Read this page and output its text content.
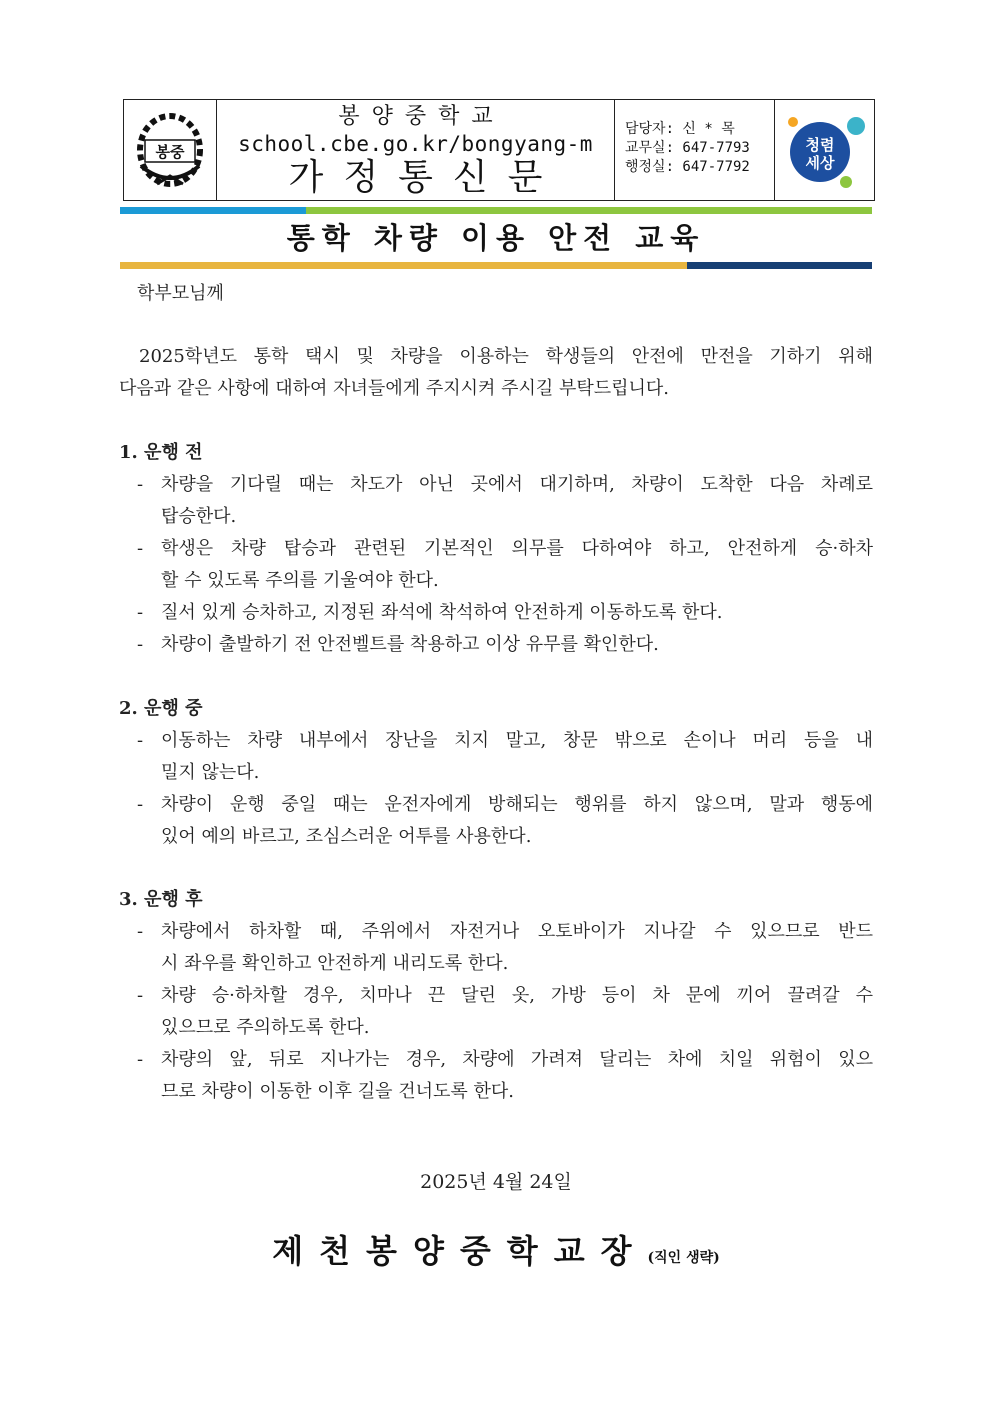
봉중
봉양중학교
school.cbe.go.kr/bongyang-m
가정통신문
담당자: 신 * 목
교무실: 647-7793
행정실: 647-7792
청렴
세상
통학 차량 이용 안전 교육
학부모님께
2025학년도 통학 택시 및 차량을 이용하는 학생들의 안전에 만전을 기하기 위해
다음과 같은 사항에 대하여 자녀들에게 주지시켜 주시길 부탁드립니다.
1. 운행 전
- 차량을 기다릴 때는 차도가 아닌 곳에서 대기하며, 차량이 도착한 다음 차례로
탑승한다.
- 학생은 차량 탑승과 관련된 기본적인 의무를 다하여야 하고, 안전하게 승·하차
할 수 있도록 주의를 기울여야 한다.
- 질서 있게 승차하고, 지정된 좌석에 착석하여 안전하게 이동하도록 한다.
- 차량이 출발하기 전 안전벨트를 착용하고 이상 유무를 확인한다.
2. 운행 중
- 이동하는 차량 내부에서 장난을 치지 말고, 창문 밖으로 손이나 머리 등을 내
밀지 않는다.
- 차량이 운행 중일 때는 운전자에게 방해되는 행위를 하지 않으며, 말과 행동에
있어 예의 바르고, 조심스러운 어투를 사용한다.
3. 운행 후
- 차량에서 하차할 때, 주위에서 자전거나 오토바이가 지나갈 수 있으므로 반드
시 좌우를 확인하고 안전하게 내리도록 한다.
- 차량 승·하차할 경우, 치마나 끈 달린 옷, 가방 등이 차 문에 끼어 끌려갈 수
있으므로 주의하도록 한다.
- 차량의 앞, 뒤로 지나가는 경우, 차량에 가려져 달리는 차에 치일 위험이 있으
므로 차량이 이동한 이후 길을 건너도록 한다.
2025년 4월 24일
제천봉양중학교장(직인 생략)
